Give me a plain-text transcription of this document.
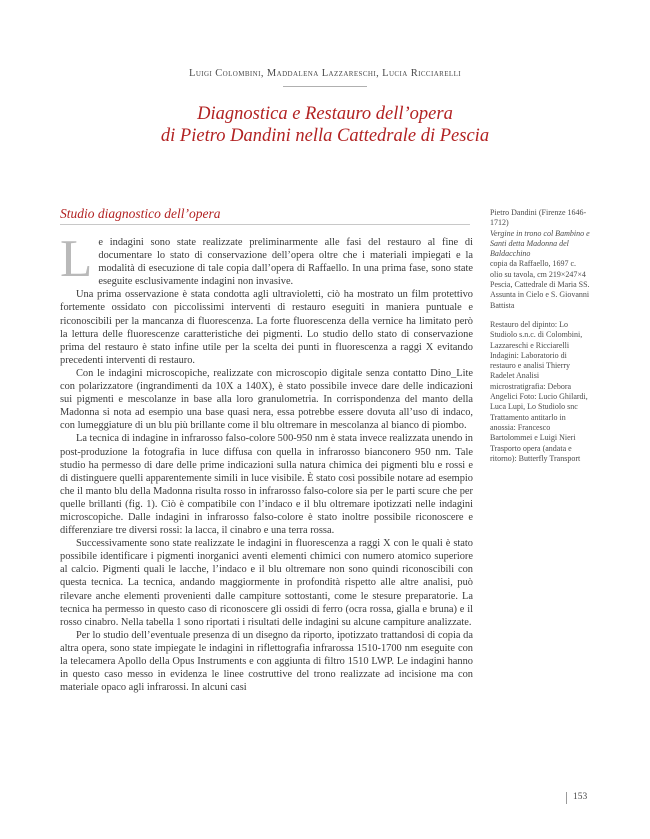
Luigi Colombini, Maddalena Lazzareschi, Lucia Ricciarelli
Diagnostica e Restauro dell’opera
di Pietro Dandini nella Cattedrale di Pescia
Studio diagnostico dell’opera

Le indagini sono state realizzate preliminarmente alle fasi del restauro al fine di documentare lo stato di conservazione dell’opera oltre che i materiali impiegati e la modalità di esecuzione di tale copia dall’opera di Raffaello. In una prima fase, sono state eseguite esclusivamente indagini non invasive.

Una prima osservazione è stata condotta agli ultravioletti, ciò ha mostrato un film protettivo fortemente ossidato con piccolissimi interventi di restauro eseguiti in maniera puntuale e riconoscibili per la mancanza di fluorescenza. La forte fluorescenza della vernice ha limitato però la lettura delle fluorescenze caratteristiche dei pigmenti. Lo studio dello stato di conservazione prima del restauro è stato infine utile per la scelta dei punti in fluorescenza a raggi X evitando precedenti interventi di restauro.

Con le indagini microscopiche, realizzate con microscopio digitale senza contatto Dino_Lite con polarizzatore (ingrandimenti da 10X a 140X), è stato possibile invece dare delle indicazioni sui pigmenti e mescolanze in base alla loro granulometria. In corrispondenza del manto della Madonna si nota ad esempio una base quasi nera, essa potrebbe essere dovuta all’uso di indaco, con lumeggiature di un blu più brillante come il blu oltremare in mescolanza al bianco di piombo.

La tecnica di indagine in infrarosso falso-colore 500-950 nm è stata invece realizzata unendo in post-produzione la fotografia in luce diffusa con quella in infrarosso bianconero 950 nm. Tale studio ha permesso di dare delle prime indicazioni sulla natura chimica dei pigmenti blu e rossi e di distinguere quelli apparentemente simili in luce visibile. È stato così possibile notare ad esempio che il manto blu della Madonna risulta rosso in infrarosso falso-colore sia per le parti scure che per quelle brillanti (fig. 1). Ciò è compatibile con l’indaco e il blu oltremare ipotizzati nelle indagini microscopiche. Dalle indagini in infrarosso falso-colore è stato inoltre possibile riconoscere e differenziare tre diversi rossi: la lacca, il cinabro e una terra rossa.

Successivamente sono state realizzate le indagini in fluorescenza a raggi X con le quali è stato possibile identificare i pigmenti inorganici aventi elementi chimici con numero atomico superiore al calcio. Pigmenti quali le lacche, l’indaco e il blu oltremare non sono quindi riconoscibili con questa tecnica. La tecnica, andando maggiormente in profondità rispetto alle altre analisi, può rilevare anche elementi provenienti dalle campiture sottostanti, come le stesure preparatorie. La tecnica ha permesso in questo caso di riconoscere gli ossidi di ferro (ocra rossa, gialla e bruna) e il rosso cinabro. Nella tabella 1 sono riportati i risultati delle indagini su alcune campiture analizzate.

Per lo studio dell’eventuale presenza di un disegno da riporto, ipotizzato trattandosi di copia da altra opera, sono state impiegate le indagini in riflettografia infrarossa 1510-1700 nm eseguite con la telecamera Apollo della Opus Instruments e con aggiunta di filtro 1510 LWP. Le indagini hanno in questo caso messo in evidenza le linee costruttive del trono realizzate ad incisione ma con materiale opaco agli infrarossi. In alcuni casi

Pietro Dandini (Firenze 1646-1712)
Vergine in trono col Bambino e Santi detta Madonna del Baldacchino
copia da Raffaello, 1697 c. olio su tavola, cm 219×247×4 Pescia, Cattedrale di Maria SS. Assunta in Cielo e S. Giovanni Battista
Restauro del dipinto: Lo Studiolo s.n.c. di Colombini, Lazzareschi e Ricciarelli Indagini: Laboratorio di restauro e analisi Thierry Radelet Analisi microstratigrafia: Debora Angelici Foto: Lucio Ghilardi, Luca Lupi, Lo Studiolo snc Trattamento antitarlo in anossia: Francesco Bartolommei e Luigi Nieri Trasporto opera (andata e ritorno): Butterfly Transport
153
